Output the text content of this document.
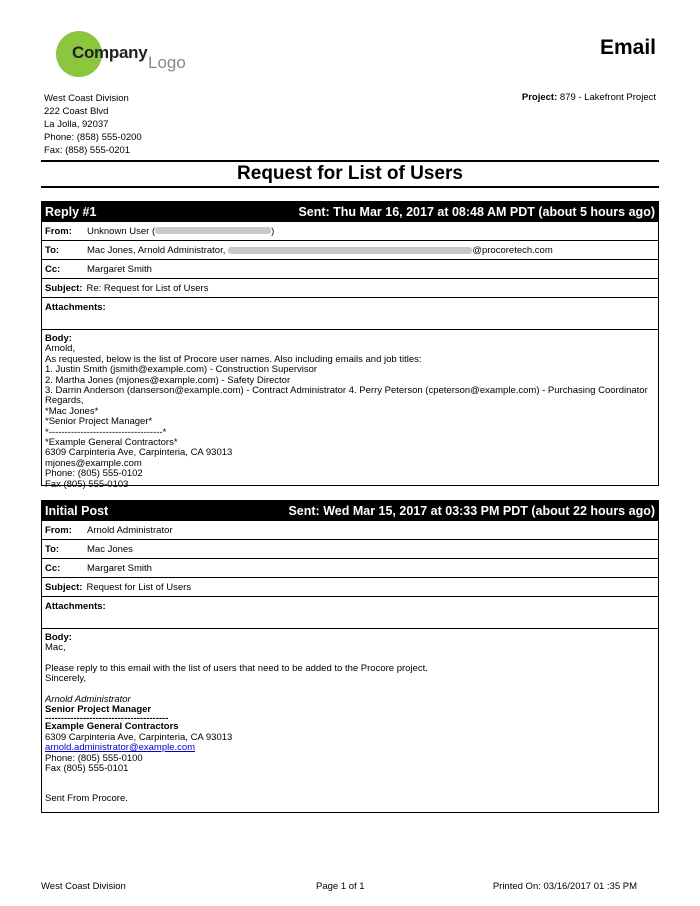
Company
Logo
Email
West Coast Division
222 Coast Blvd
La Jolla, 92037
Phone: (858) 555-0200
Fax: (858) 555-0201
Project: 879 - Lakefront Project
Request for List of Users
Reply #1	Sent: Thu Mar 16, 2017 at 08:48 AM PDT (about 5 hours ago)
From:	Unknown User (	)
To:	Mac Jones, Arnold Administrator,	@procoretech.com
Cc:	Margaret Smith
Subject: Re: Request for List of Users
Attachments:
Body:
Arnold,
As requested, below is the list of Procore user names. Also including emails and job titles:
1. Justin Smith (jsmith@example.com) - Construction Supervisor
2. Martha Jones (mjones@example.com) - Safety Director
3. Darrin Anderson (danserson@example.com) - Contract Administrator 4. Perry Peterson (cpeterson@example.com) - Purchasing Coordinator
Regards,
*Mac Jones*
*Senior Project Manager*
*------------------------------------*
*Example General Contractors*
6309 Carpinteria Ave, Carpinteria, CA 93013
mjones@example.com
Phone: (805) 555-0102
Fax (805) 555-0103
Initial Post	Sent: Wed Mar 15, 2017 at 03:33 PM PDT (about 22 hours ago)
From:	Arnold Administrator
To:	Mac Jones
Cc:	Margaret Smith
Subject: Request for List of Users
Attachments:
Body:
Mac,
Please reply to this email with the list of users that need to be added to the Procore project.
Sincerely,
Arnold Administrator
Senior Project Manager
---------------------------------------
Example General Contractors
6309 Carpinteria Ave, Carpinteria, CA 93013
arnold.administrator@example.com
Phone: (805) 555-0100
Fax (805) 555-0101
Sent From Procore.
West Coast Division	Page 1 of 1	Printed On: 03/16/2017 01 :35 PM
